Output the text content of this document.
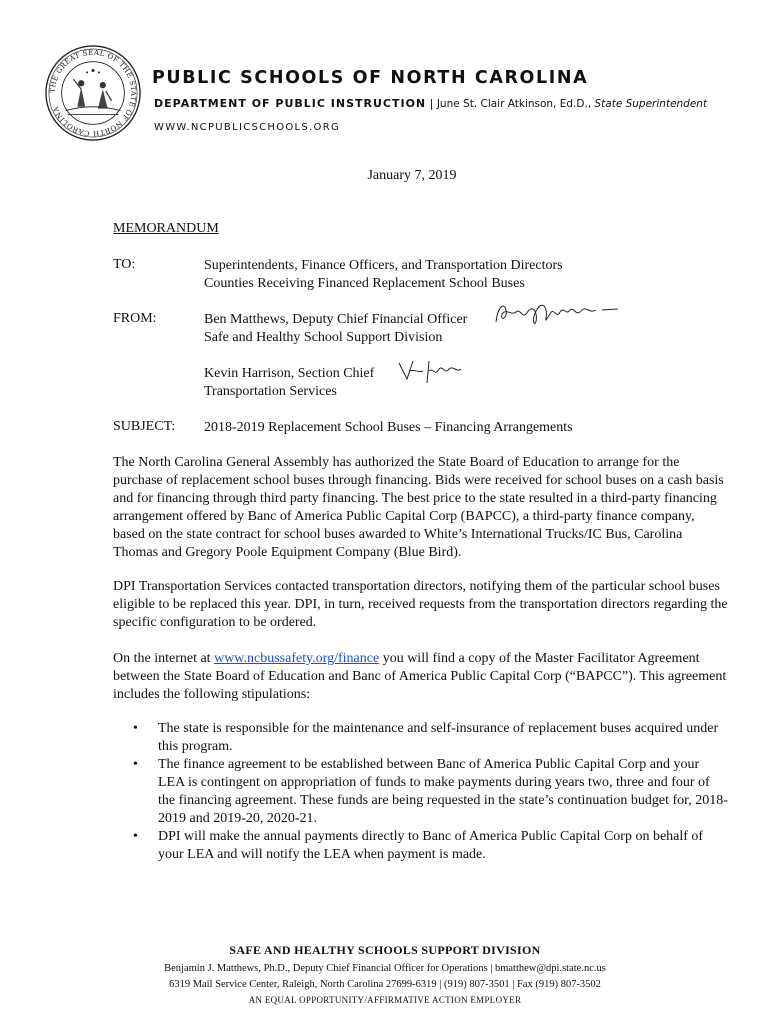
THE GREAT SEAL OF THE STATE OF NORTH CAROLINA
PUBLIC SCHOOLS OF NORTH CAROLINA
DEPARTMENT OF PUBLIC INSTRUCTION | June St. Clair Atkinson, Ed.D., State Superintendent
WWW.NCPUBLICSCHOOLS.ORG
January 7, 2019
MEMORANDUM
TO:	Superintendents, Finance Officers, and Transportation Directors
Counties Receiving Financed Replacement School Buses
FROM:	Ben Matthews, Deputy Chief Financial Officer
Safe and Healthy School Support Division
Kevin Harrison, Section Chief
Transportation Services
SUBJECT: 2018-2019 Replacement School Buses – Financing Arrangements

The North Carolina General Assembly has authorized the State Board of Education to arrange for the purchase of replacement school buses through financing. Bids were received for school buses on a cash basis and for financing through third party financing. The best price to the state resulted in a third-party financing arrangement offered by Banc of America Public Capital Corp (BAPCC), a third-party finance company, based on the state contract for school buses awarded to White’s International Trucks/IC Bus, Carolina Thomas and Gregory Poole Equipment Company (Blue Bird).

DPI Transportation Services contacted transportation directors, notifying them of the particular school buses eligible to be replaced this year. DPI, in turn, received requests from the transportation directors regarding the specific configuration to be ordered.

On the internet at www.ncbussafety.org/finance you will find a copy of the Master Facilitator Agreement between the State Board of Education and Banc of America Public Capital Corp (“BAPCC”). This agreement includes the following stipulations:

• The state is responsible for the maintenance and self-insurance of replacement buses acquired under this program.
• The finance agreement to be established between Banc of America Public Capital Corp and your LEA is contingent on appropriation of funds to make payments during years two, three and four of the financing agreement. These funds are being requested in the state’s continuation budget for, 2018-2019 and 2019-20, 2020-21.
• DPI will make the annual payments directly to Banc of America Public Capital Corp on behalf of your LEA and will notify the LEA when payment is made.
SAFE AND HEALTHY SCHOOLS SUPPORT DIVISION
Benjamin J. Matthews, Ph.D., Deputy Chief Financial Officer for Operations | bmatthew@dpi.state.nc.us
6319 Mail Service Center, Raleigh, North Carolina 27699-6319 | (919) 807-3501 | Fax (919) 807-3502
AN EQUAL OPPORTUNITY/AFFIRMATIVE ACTION EMPLOYER
